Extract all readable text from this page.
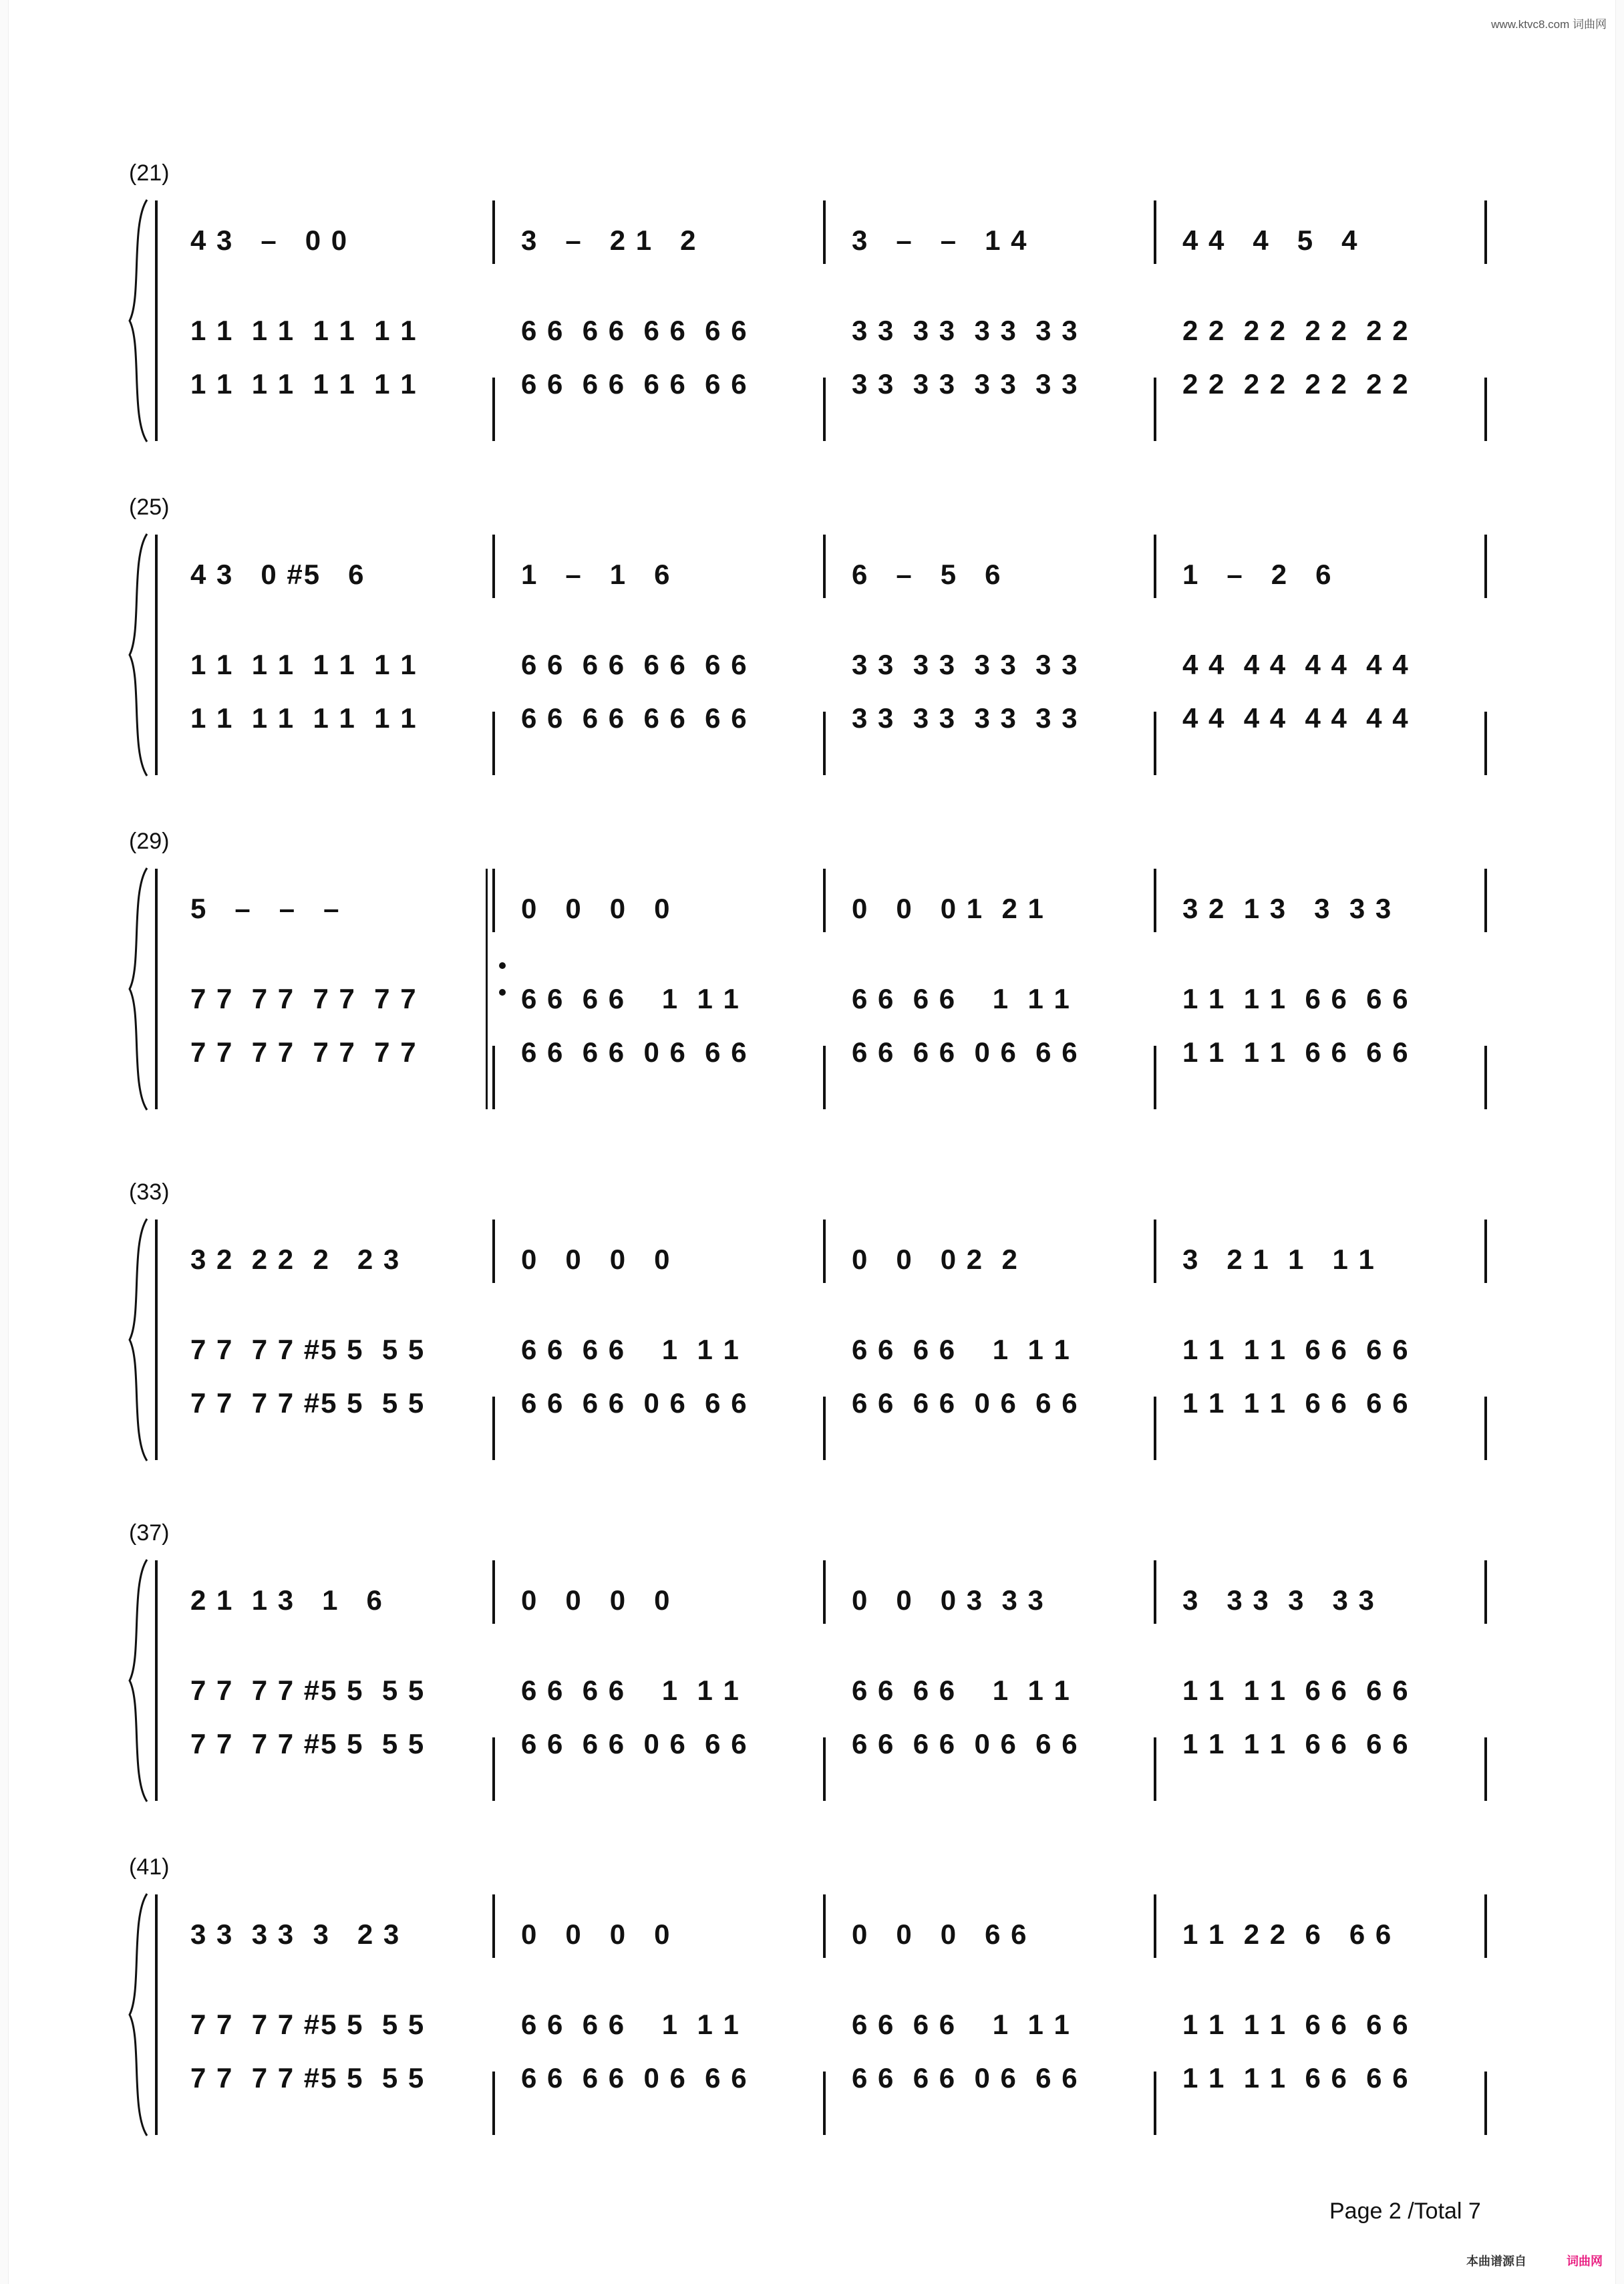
www.ktvc8.com 词曲网
(21)
4 3   –   0 0	3   –   2 1   2	3   –   –   1 4	4 4   4   5   4
1 1  1 1  1 1  1 1	6 6  6 6  6 6  6 6	3 3  3 3  3 3  3 3	2 2  2 2  2 2  2 2
1 1  1 1  1 1  1 1	6 6  6 6  6 6  6 6	3 3  3 3  3 3  3 3	2 2  2 2  2 2  2 2
(25)
4 3   0 #5   6	1   –   1   6	6   –   5   6	1   –   2   6
1 1  1 1  1 1  1 1	6 6  6 6  6 6  6 6	3 3  3 3  3 3  3 3	4 4  4 4  4 4  4 4
1 1  1 1  1 1  1 1	6 6  6 6  6 6  6 6	3 3  3 3  3 3  3 3	4 4  4 4  4 4  4 4
(29)
5   –   –   –	0   0   0   0	0   0   0 1  2 1	3 2  1 3   3  3 3
7 7  7 7  7 7  7 7	6 6  6 6    1  1 1	6 6  6 6    1  1 1	1 1  1 1  6 6  6 6
7 7  7 7  7 7  7 7	6 6  6 6  0 6  6 6	6 6  6 6  0 6  6 6	1 1  1 1  6 6  6 6
(33)
3 2  2 2  2   2 3	0   0   0   0	0   0   0 2  2	3   2 1  1   1 1
7 7  7 7 #5 5  5 5	6 6  6 6    1  1 1	6 6  6 6    1  1 1	1 1  1 1  6 6  6 6
7 7  7 7 #5 5  5 5	6 6  6 6  0 6  6 6	6 6  6 6  0 6  6 6	1 1  1 1  6 6  6 6
(37)
2 1  1 3   1   6	0   0   0   0	0   0   0 3  3 3	3   3 3  3   3 3
7 7  7 7 #5 5  5 5	6 6  6 6    1  1 1	6 6  6 6    1  1 1	1 1  1 1  6 6  6 6
7 7  7 7 #5 5  5 5	6 6  6 6  0 6  6 6	6 6  6 6  0 6  6 6	1 1  1 1  6 6  6 6
(41)
3 3  3 3  3   2 3	0   0   0   0	0   0   0   6 6	1 1  2 2  6   6 6
7 7  7 7 #5 5  5 5	6 6  6 6    1  1 1	6 6  6 6    1  1 1	1 1  1 1  6 6  6 6
7 7  7 7 #5 5  5 5	6 6  6 6  0 6  6 6	6 6  6 6  0 6  6 6	1 1  1 1  6 6  6 6
Page 2 /Total 7
本曲谱源自	词曲网
